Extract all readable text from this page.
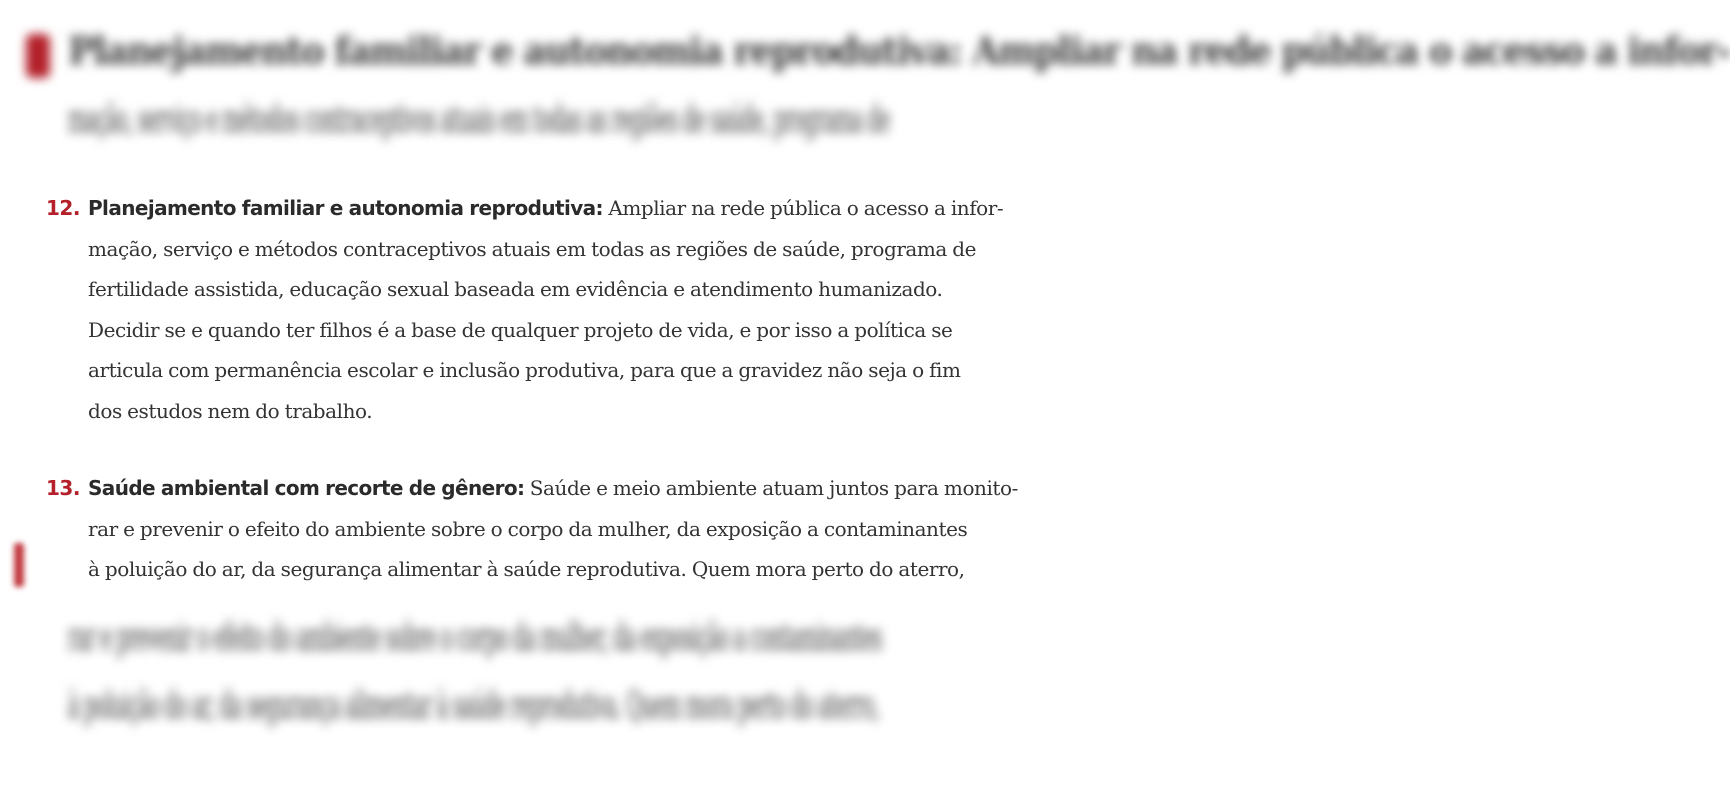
Planejamento familiar e autonomia reprodutiva: Ampliar na rede pública o acesso a infor-
mação, serviço e métodos contraceptivos atuais em todas as regiões de saúde, programa de
12. Planejamento familiar e autonomia reprodutiva: Ampliar na rede pública o acesso a infor-
mação, serviço e métodos contraceptivos atuais em todas as regiões de saúde, programa de
fertilidade assistida, educação sexual baseada em evidência e atendimento humanizado.
Decidir se e quando ter filhos é a base de qualquer projeto de vida, e por isso a política se
articula com permanência escolar e inclusão produtiva, para que a gravidez não seja o fim
dos estudos nem do trabalho.
13. Saúde ambiental com recorte de gênero: Saúde e meio ambiente atuam juntos para monito-
rar e prevenir o efeito do ambiente sobre o corpo da mulher, da exposição a contaminantes
à poluição do ar, da segurança alimentar à saúde reprodutiva. Quem mora perto do aterro,
rar e prevenir o efeito do ambiente sobre o corpo da mulher, da exposição a contaminantes
à poluição do ar, da segurança alimentar à saúde reprodutiva. Quem mora perto do aterro,
